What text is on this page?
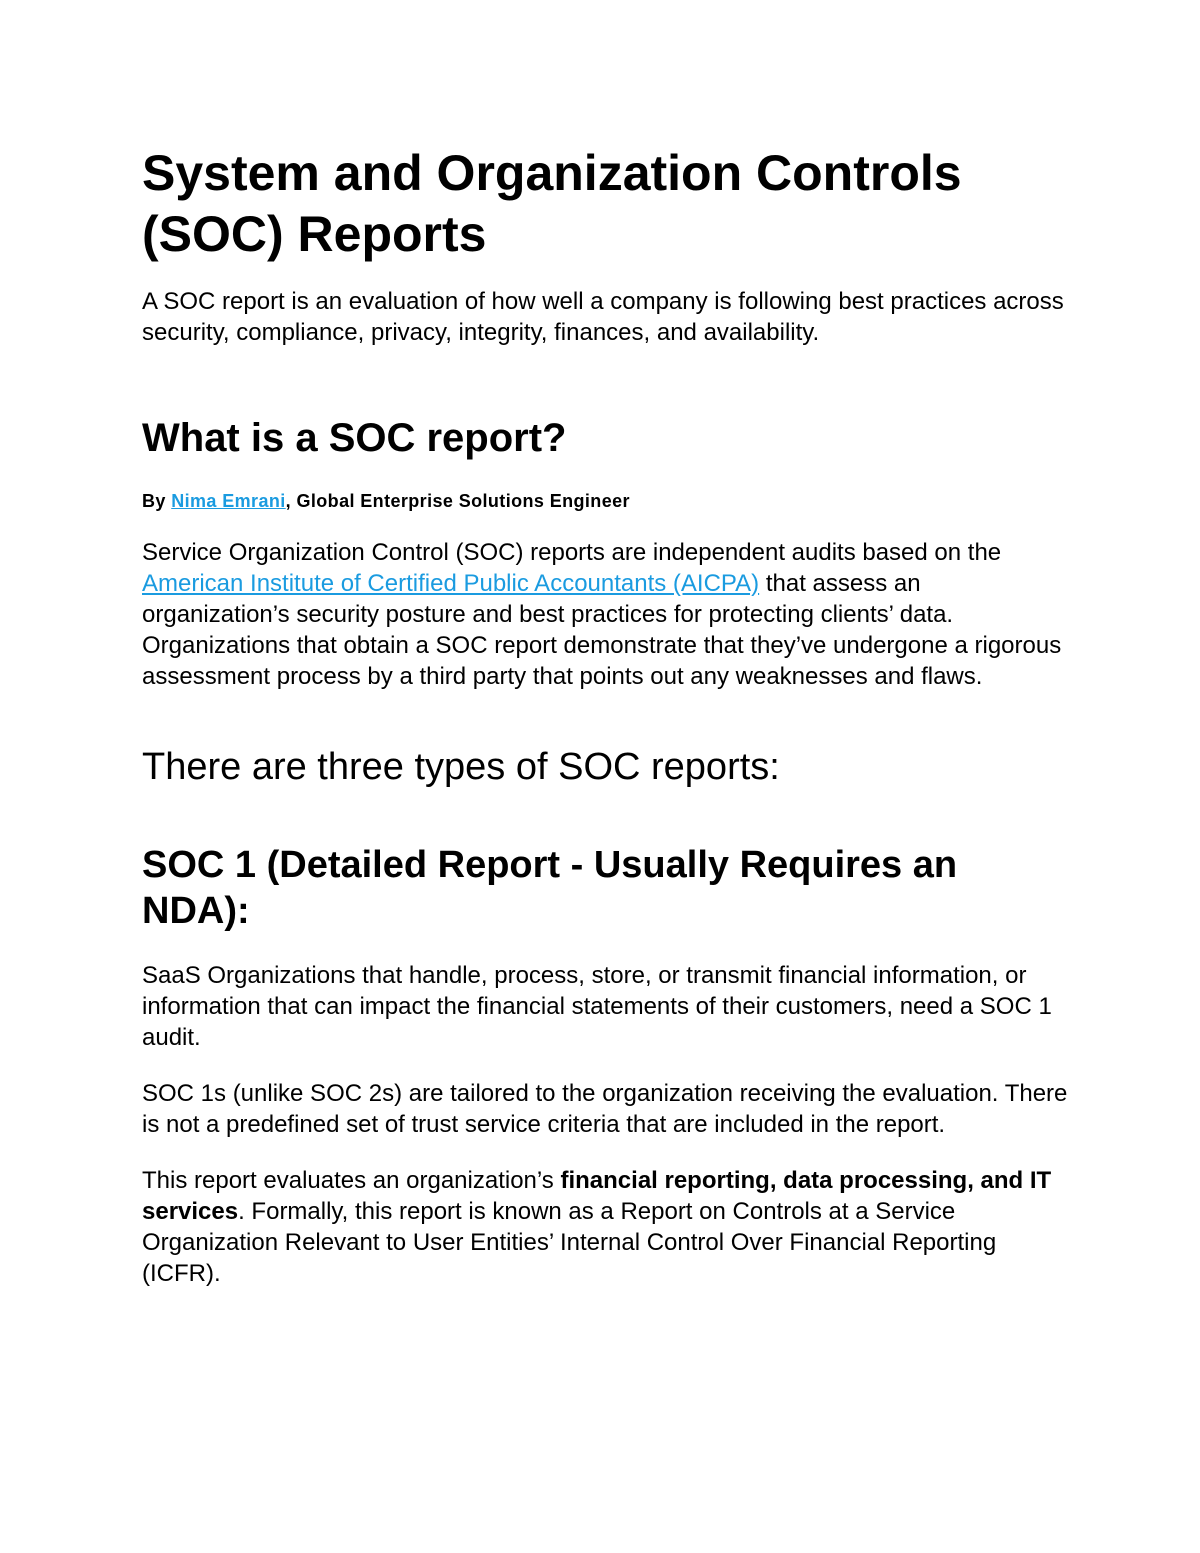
System and Organization Controls (SOC) Reports

A SOC report is an evaluation of how well a company is following best practices across security, compliance, privacy, integrity, finances, and availability.

What is a SOC report?

By Nima Emrani, Global Enterprise Solutions Engineer

Service Organization Control (SOC) reports are independent audits based on the American Institute of Certified Public Accountants (AICPA) that assess an organization’s security posture and best practices for protecting clients’ data. Organizations that obtain a SOC report demonstrate that they’ve undergone a rigorous assessment process by a third party that points out any weaknesses and flaws.

There are three types of SOC reports:
SOC 1 (Detailed Report - Usually Requires an NDA):

SaaS Organizations that handle, process, store, or transmit financial information, or information that can impact the financial statements of their customers, need a SOC 1 audit.

SOC 1s (unlike SOC 2s) are tailored to the organization receiving the evaluation. There is not a predefined set of trust service criteria that are included in the report.

This report evaluates an organization’s financial reporting, data processing, and IT services. Formally, this report is known as a Report on Controls at a Service Organization Relevant to User Entities’ Internal Control Over Financial Reporting (ICFR).
